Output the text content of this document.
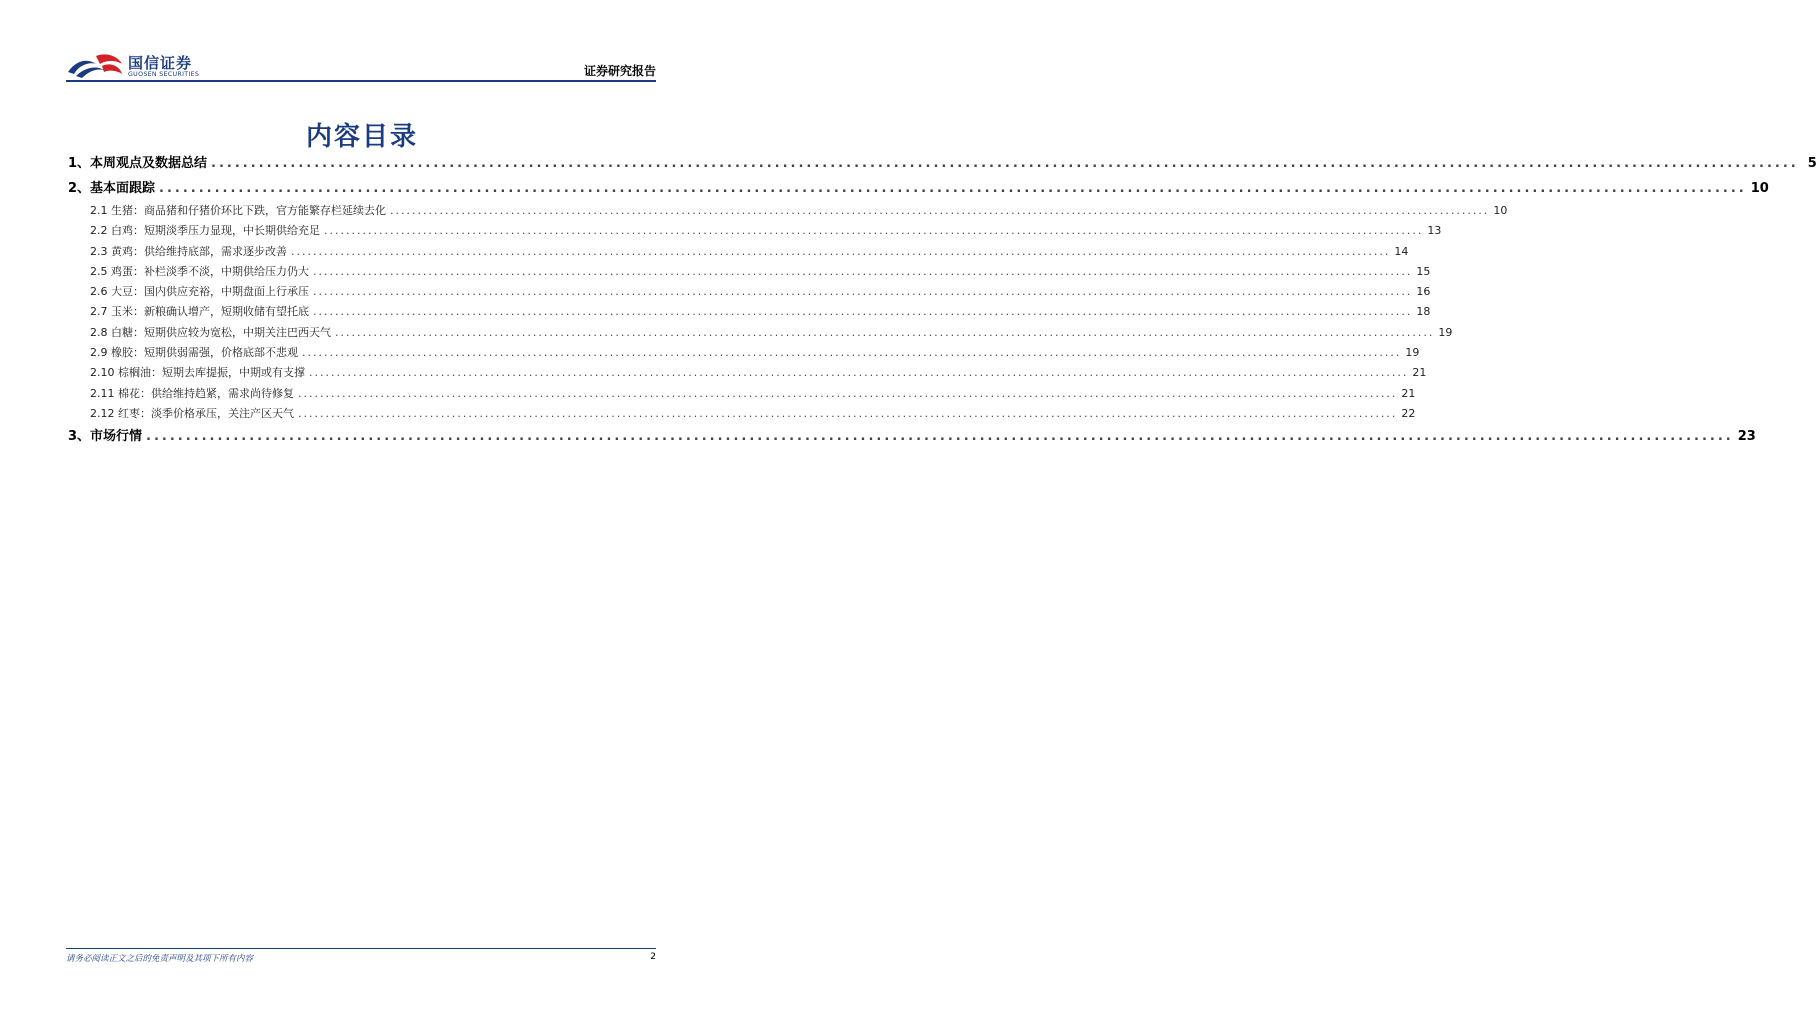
国信证券
GUOSEN SECURITIES	证券研究报告
内容目录
1、本周观点及数据总结 ........................................................................................................................................................................................................ 5
2、基本面跟踪 ........................................................................................................................................................................................................ 10
2.1 生猪：商品猪和仔猪价环比下跌，官方能繁存栏延续去化 ........................................................................................................................................................................................................ 10
2.2 白鸡：短期淡季压力显现，中长期供给充足 ........................................................................................................................................................................................................ 13
2.3 黄鸡：供给维持底部，需求逐步改善 ........................................................................................................................................................................................................ 14
2.5 鸡蛋：补栏淡季不淡，中期供给压力仍大 ........................................................................................................................................................................................................ 15
2.6 大豆：国内供应充裕，中期盘面上行承压 ........................................................................................................................................................................................................ 16
2.7 玉米：新粮确认增产，短期收储有望托底 ........................................................................................................................................................................................................ 18
2.8 白糖：短期供应较为宽松，中期关注巴西天气 ........................................................................................................................................................................................................ 19
2.9 橡胶：短期供弱需强，价格底部不悲观 ........................................................................................................................................................................................................ 19
2.10 棕榈油：短期去库提振，中期或有支撑 ........................................................................................................................................................................................................ 21
2.11 棉花：供给维持趋紧，需求尚待修复 ........................................................................................................................................................................................................ 21
2.12 红枣：淡季价格承压，关注产区天气 ........................................................................................................................................................................................................ 22
3、市场行情 ........................................................................................................................................................................................................ 23
请务必阅读正文之后的免责声明及其项下所有内容	2
